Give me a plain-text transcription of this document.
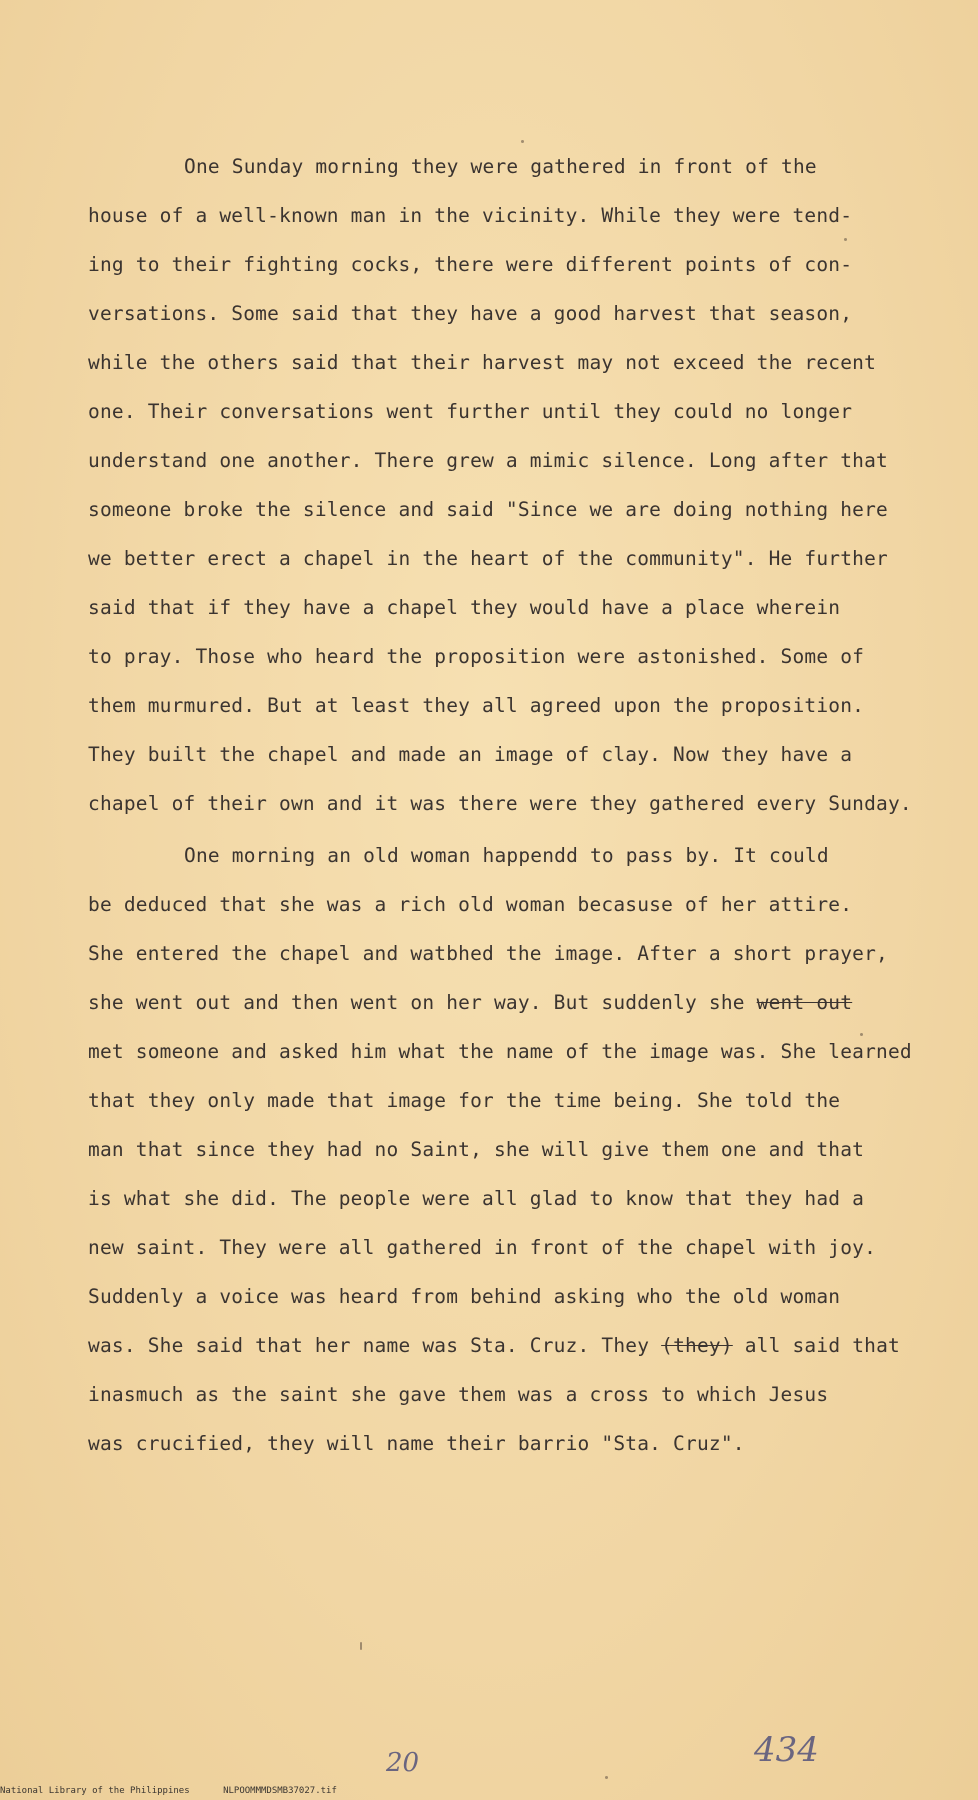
One Sunday morning they were gathered in front of the
house of a well-known man in the vicinity. While they were tend-
ing to their fighting cocks, there were different points of con-
versations. Some said that they have a good harvest that season,
while the others said that their harvest may not exceed the recent
one. Their conversations went further until they could no longer
understand one another. There grew a mimic silence. Long after that
someone broke the silence and said "Since we are doing nothing here
we better erect a chapel in the heart of the community". He further
said that if they have a chapel they would have a place wherein
to pray. Those who heard the proposition were astonished. Some of
them murmured. But at least they all agreed upon the proposition.
They built the chapel and made an image of clay. Now they have a
chapel of their own and it was there were they gathered every Sunday.
One morning an old woman happendd to pass by. It could
be deduced that she was a rich old woman becasuse of her attire.
She entered the chapel and watbhed the image. After a short prayer,
she went out and then went on her way. But suddenly she went out
met someone and asked him what the name of the image was. She learned
that they only made that image for the time being. She told the
man that since they had no Saint, she will give them one and that
is what she did. The people were all glad to know that they had a
new saint. They were all gathered in front of the chapel with joy.
Suddenly a voice was heard from behind asking who the old woman
was. She said that her name was Sta. Cruz. They (they) all said that
inasmuch as the saint she gave them was a cross to which Jesus
was crucified, they will name their barrio "Sta. Cruz".
20	434
National Library of the Philippines	NLPOOMMMDSMB37027.tif
